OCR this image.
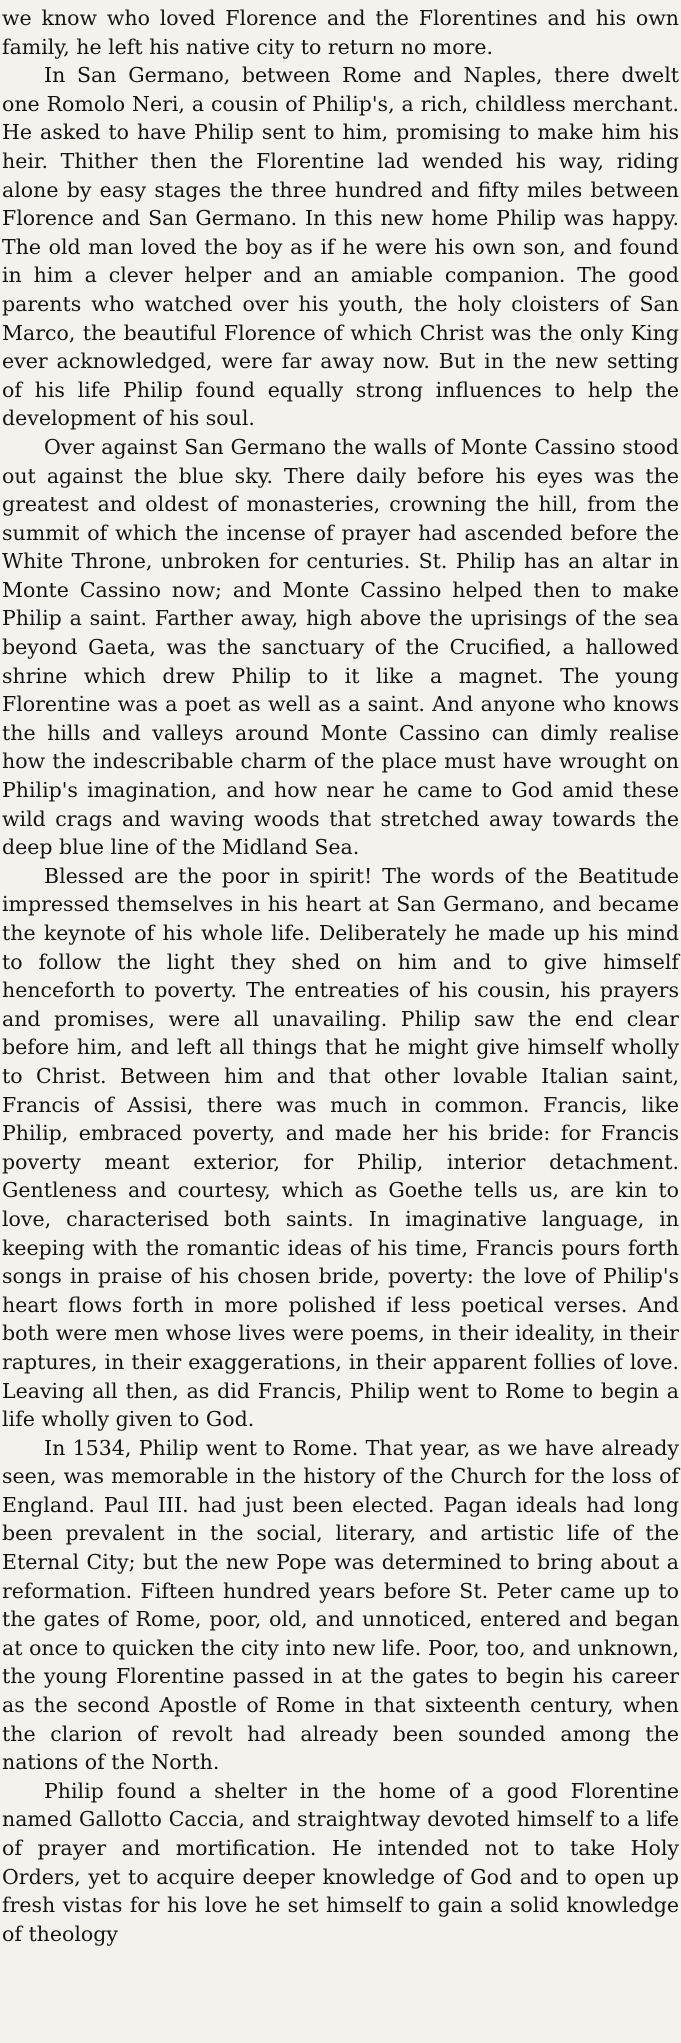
we know who loved Florence and the Florentines and his own family, he left his native city to return no more.

In San Germano, between Rome and Naples, there dwelt one Romolo Neri, a cousin of Philip's, a rich, childless merchant. He asked to have Philip sent to him, promising to make him his heir. Thither then the Florentine lad wended his way, riding alone by easy stages the three hundred and fifty miles between Florence and San Germano. In this new home Philip was happy. The old man loved the boy as if he were his own son, and found in him a clever helper and an amiable companion. The good parents who watched over his youth, the holy cloisters of San Marco, the beautiful Florence of which Christ was the only King ever acknowledged, were far away now. But in the new setting of his life Philip found equally strong influences to help the development of his soul.

Over against San Germano the walls of Monte Cassino stood out against the blue sky. There daily before his eyes was the greatest and oldest of monasteries, crowning the hill, from the summit of which the incense of prayer had ascended before the White Throne, unbroken for centuries. St. Philip has an altar in Monte Cassino now; and Monte Cassino helped then to make Philip a saint. Farther away, high above the uprisings of the sea beyond Gaeta, was the sanctuary of the Crucified, a hallowed shrine which drew Philip to it like a magnet. The young Florentine was a poet as well as a saint. And anyone who knows the hills and valleys around Monte Cassino can dimly realise how the indescribable charm of the place must have wrought on Philip's imagination, and how near he came to God amid these wild crags and waving woods that stretched away towards the deep blue line of the Midland Sea.

Blessed are the poor in spirit! The words of the Beatitude impressed themselves in his heart at San Germano, and became the keynote of his whole life. Deliberately he made up his mind to follow the light they shed on him and to give himself henceforth to poverty. The entreaties of his cousin, his prayers and promises, were all unavailing. Philip saw the end clear before him, and left all things that he might give himself wholly to Christ. Between him and that other lovable Italian saint, Francis of Assisi, there was much in common. Francis, like Philip, embraced poverty, and made her his bride: for Francis poverty meant exterior, for Philip, interior detachment. Gentleness and courtesy, which as Goethe tells us, are kin to love, characterised both saints. In imaginative language, in keeping with the romantic ideas of his time, Francis pours forth songs in praise of his chosen bride, poverty: the love of Philip's heart flows forth in more polished if less poetical verses. And both were men whose lives were poems, in their ideality, in their raptures, in their exaggerations, in their apparent follies of love. Leaving all then, as did Francis, Philip went to Rome to begin a life wholly given to God.

In 1534, Philip went to Rome. That year, as we have already seen, was memorable in the history of the Church for the loss of England. Paul III. had just been elected. Pagan ideals had long been prevalent in the social, literary, and artistic life of the Eternal City; but the new Pope was determined to bring about a reformation. Fifteen hundred years before St. Peter came up to the gates of Rome, poor, old, and unnoticed, entered and began at once to quicken the city into new life. Poor, too, and unknown, the young Florentine passed in at the gates to begin his career as the second Apostle of Rome in that sixteenth century, when the clarion of revolt had already been sounded among the nations of the North.

Philip found a shelter in the home of a good Florentine named Gallotto Caccia, and straightway devoted himself to a life of prayer and mortification. He intended not to take Holy Orders, yet to acquire deeper knowledge of God and to open up fresh vistas for his love he set himself to gain a solid knowledge of theology
